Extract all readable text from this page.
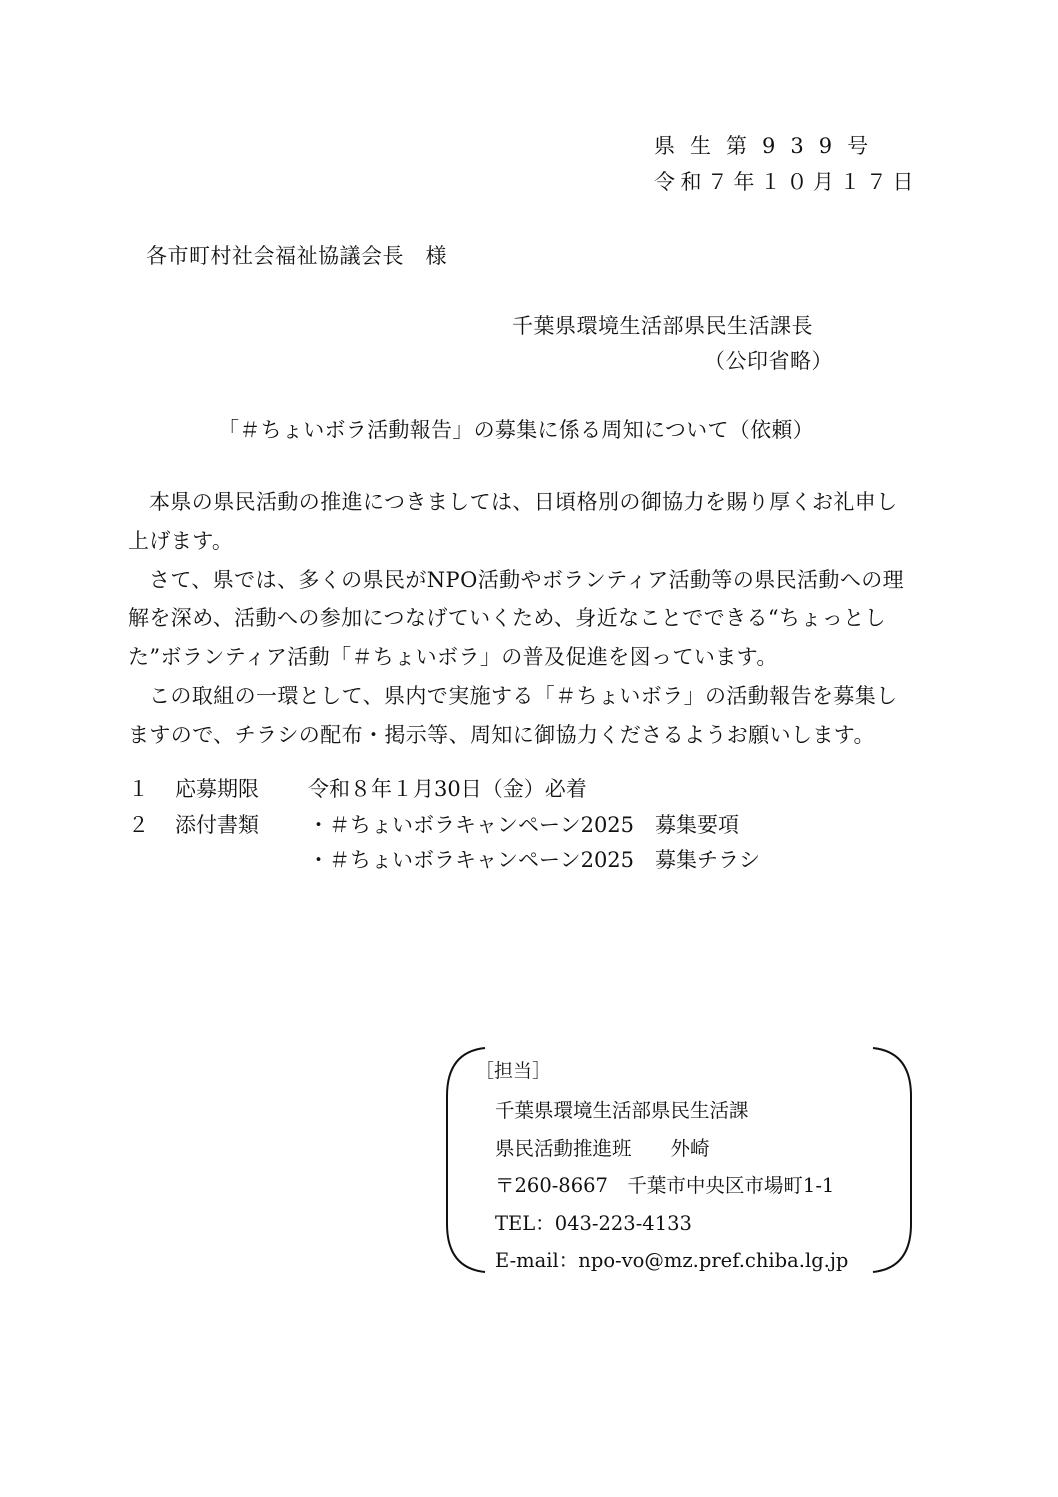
県生第939号
令和７年１０月１７日
各市町村社会福祉協議会長　様
千葉県環境生活部県民生活課長
（公印省略）
「＃ちょいボラ活動報告」の募集に係る周知について（依頼）

本県の県民活動の推進につきましては、日頃格別の御協力を賜り厚くお礼申し上げます。

さて、県では、多くの県民がNPO活動やボランティア活動等の県民活動への理解を深め、活動への参加につなげていくため、身近なことでできる“ちょっとした”ボランティア活動「＃ちょいボラ」の普及促進を図っています。

この取組の一環として、県内で実施する「＃ちょいボラ」の活動報告を募集しますので、チラシの配布・掲示等、周知に御協力くださるようお願いします。

１	応募期限	令和８年１月30日（金）必着
２	添付書類	・＃ちょいボラキャンペーン2025　募集要項
・＃ちょいボラキャンペーン2025　募集チラシ
［担当］
千葉県環境生活部県民生活課
県民活動推進班　　外崎
〒260-8667　千葉市中央区市場町1-1
TEL：043-223-4133
E-mail：npo-vo@mz.pref.chiba.lg.jp
